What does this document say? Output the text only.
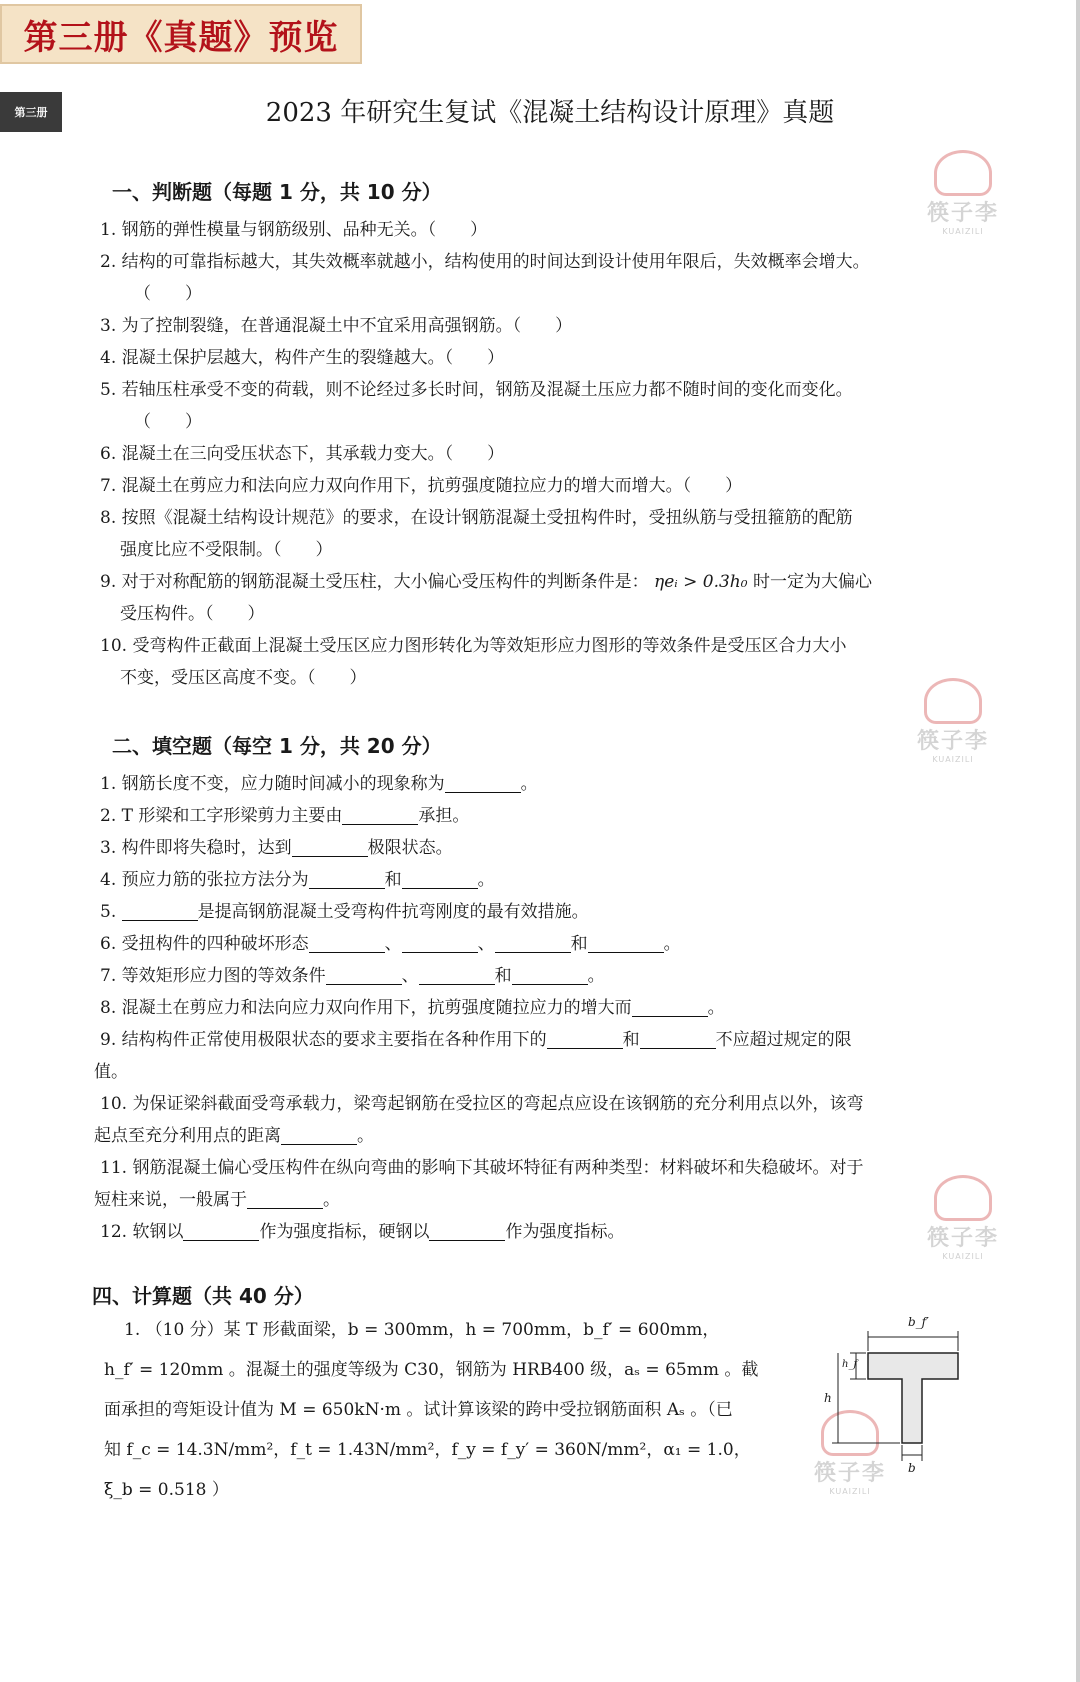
第三册《真题》预览
第三册	2023 年研究生复试《混凝土结构设计原理》真题
筷子李
KUAIZILI
筷子李
KUAIZILI
筷子李
KUAIZILI
筷子李
KUAIZILI

一、判断题（每题 1 分，共 10 分）

1. 钢筋的弹性模量与钢筋级别、品种无关。（　　）

2. 结构的可靠指标越大，其失效概率就越小，结构使用的时间达到设计使用年限后，失效概率会增大。
（　　）

3. 为了控制裂缝，在普通混凝土中不宜采用高强钢筋。（　　）

4. 混凝土保护层越大，构件产生的裂缝越大。（　　）

5. 若轴压柱承受不变的荷载，则不论经过多长时间，钢筋及混凝土压应力都不随时间的变化而变化。
（　　）

6. 混凝土在三向受压状态下，其承载力变大。（　　）

7. 混凝土在剪应力和法向应力双向作用下，抗剪强度随拉应力的增大而增大。（　　）

8. 按照《混凝土结构设计规范》的要求，在设计钢筋混凝土受扭构件时，受扭纵筋与受扭箍筋的配筋
强度比应不受限制。（　　）

9. 对于对称配筋的钢筋混凝土受压柱，大小偏心受压构件的判断条件是： ηeᵢ > 0.3h₀ 时一定为大偏心
受压构件。（　　）

10. 受弯构件正截面上混凝土受压区应力图形转化为等效矩形应力图形的等效条件是受压区合力大小
不变，受压区高度不变。（　　）

二、填空题（每空 1 分，共 20 分）

1. 钢筋长度不变，应力随时间减小的现象称为	。

2. T 形梁和工字形梁剪力主要由	承担。

3. 构件即将失稳时，达到	极限状态。

4. 预应力筋的张拉方法分为	和	。

5.	是提高钢筋混凝土受弯构件抗弯刚度的最有效措施。

6. 受扭构件的四种破坏形态	、	、	和	。

7. 等效矩形应力图的等效条件	、	和	。

8. 混凝土在剪应力和法向应力双向作用下，抗剪强度随拉应力的增大而	。

9. 结构构件正常使用极限状态的要求主要指在各种作用下的	和	不应超过规定的限

值。

10. 为保证梁斜截面受弯承载力，梁弯起钢筋在受拉区的弯起点应设在该钢筋的充分利用点以外，该弯

起点至充分利用点的距离	。

11. 钢筋混凝土偏心受压构件在纵向弯曲的影响下其破坏特征有两种类型：材料破坏和失稳破坏。对于

短柱来说，一般属于	。

12. 软钢以	作为强度指标，硬钢以	作为强度指标。

四、计算题（共 40 分）

1. （10 分）某 T 形截面梁，b = 300mm，h = 700mm，b_f′ = 600mm，
h_f′ = 120mm 。混凝土的强度等级为 C30，钢筋为 HRB400 级，aₛ = 65mm 。截
面承担的弯矩设计值为 M = 650kN·m 。试计算该梁的跨中受拉钢筋面积 Aₛ 。（已
知 f_c = 14.3N/mm²，f_t = 1.43N/mm²，f_y = f_y′ = 360N/mm²，α₁ = 1.0，
ξ_b = 0.518 ）
b_f′
h_f
h
b
